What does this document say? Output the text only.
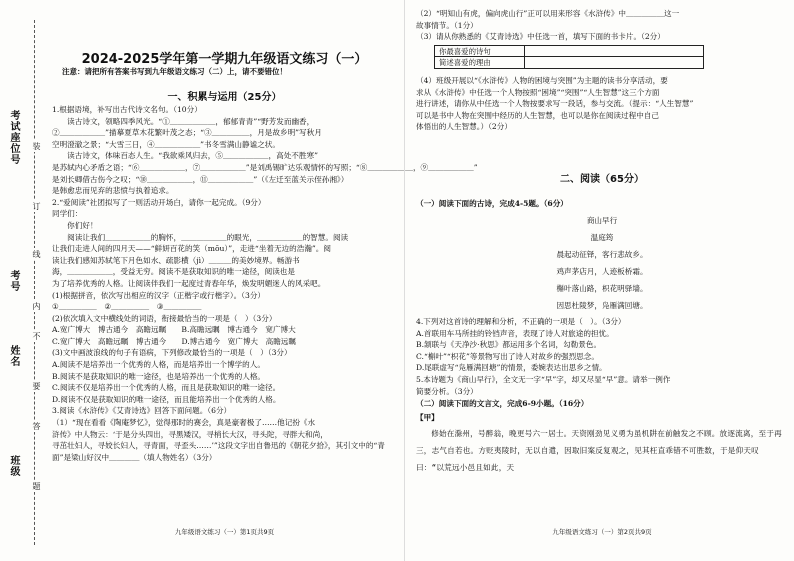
考试座位号
考号
姓名
班级
装
订
线
内
不
要
答
题
2024-2025学年第一学期九年级语文练习（一）
注意：请把所有答案书写到九年级语文练习（二）上，请不要错位！
一、积累与运用（25分）
1.根据语境，补写出古代诗文名句。（10分）
　　读古诗文，领略四季风光。“①＿＿＿＿＿＿，郁郁青青”“野芳发而幽香，
②＿＿＿＿＿＿”描摹夏草木花繁叶茂之态；“③＿＿＿＿＿，月是故乡明”写秋月
空明澄澈之景；“大雪三日，④＿＿＿＿＿＿”书冬雪满山静谧之状。
　　读古诗文，体味百态人生。“我欲乘风归去，⑤＿＿＿＿＿＿，高处不胜寒”
是苏轼内心矛盾之语；“⑥＿＿＿＿＿＿，⑦＿＿＿＿＿＿”是刘禹锡旷达乐观情怀的写照；“⑧＿＿＿＿＿＿，⑨＿＿＿＿＿＿”
是刘长卿借古伤今之叹；“⑩＿＿＿＿＿＿，⑪＿＿＿＿＿＿”（《左迁至蓝关示侄孙湘》）
是韩愈忠而见弃的悲愤与执着追求。
2.“爱阅读”社团拟写了一则活动开场白，请你一起完成。（9分）
同学们：
　　你们好！
　　阅读让我们＿＿＿＿＿＿的胸怀，＿＿＿＿＿＿的眼光，＿＿＿＿＿＿的智慧。阅读
让我们走进人间的四月天——“鲜妍百花的笑（mōu）”，走进“坐着无边的浩瀚”。阅
读让我们感知苏轼笔下月色如水、疏影横（jì）＿＿＿的美妙境界。畅游书
海，＿＿＿＿＿＿，受益无穷。阅读不是获取知识的唯一途径，阅读也是
为了培养优秀的人格。让阅读伴我们一起度过青春年华，焕发明媚迷人的风采吧。
(1)根据拼音，依次写出相应的汉字（正楷字或行楷字）。（3分）
①＿＿＿＿＿　②＿＿＿＿＿　③＿＿＿＿＿
(2)依次填入文中横线处的词语，衔接最恰当的一项是（　）（3分）
A.宽广博大　博古通今　高瞻远瞩　　B.高瞻远瞩　博古通今　宽广博大
C.宽广博大　高瞻远瞩　博古通今　　D.博古通今　宽广博大　高瞻远瞩
(3)文中画波浪线的句子有语病，下列修改最恰当的一项是（　）（3分）
A.阅读不是培养出一个优秀的人格，而是培养出一个博学的人。
B.阅读不是获取知识的唯一途径，也是培养出一个优秀的人格。
C.阅读不仅是培养出一个优秀的人格，而且是获取知识的唯一途径。
D.阅读不仅是获取知识的唯一途径，而且能培养出一个优秀的人格。
3.阅读《水浒传》《艾青诗选》回答下面问题。（6分）
（1）“现在看看《陶庵梦忆》，觉得那时的赛会，真是豪奢极了……他记扮《水
浒传》中人物云：‘于是分头四出，寻黑矮汉，寻梢长大汉，寻头陀，寻胖大和尚，
寻茁壮妇人，寻姣长妇人，寻青面，寻歪头……’”这段文字出自鲁迅的《朝花夕拾》，其引文中的“青
面”是梁山好汉中＿＿＿＿（填人物姓名）（3分）
九年级语文练习（一）第1页共9页
（2）“明知山有虎，偏向虎山行”正可以用来形容《水浒传》中＿＿＿＿＿这一
故事情节。（1分）
（3）请从你熟悉的《艾青诗选》中任选一首，填写下面的书卡片。（2分）
你最喜爱的诗句
简述喜爱的理由
（4）班级开展以“《水浒传》人物的困境与突围”为主题的读书分享活动，要
求从《水浒传》中任选一个人物按照“困境”“突围”“人生智慧”这三个方面
进行讲述，请你从中任选一个人物按要求写一段话，参与交流。（提示：“人生智慧”
可以是书中人物在突围中经历的人生智慧，也可以是你在阅读过程中自己
体悟出的人生智慧。）（2分）
二、阅读（65分）
（一）阅读下面的古诗，完成4-5题。（6分）
商山早行
温庭筠
晨起动征铎，客行悲故乡。
鸡声茅店月，人迹板桥霜。
槲叶落山路，枳花明驿墙。
因思杜陵梦，凫雁满回塘。
4.下列对这首诗的理解和分析，不正确的一项是（　）。（3分）
A.首联用车马所挂的铃铛声音，表现了诗人对旅途的担忧。
B.颔联与《天净沙·秋思》都运用多个名词，勾勒景色。
C.“槲叶”“枳花”等景物写出了诗人对故乡的强烈思念。
D.尾联虚写“凫雁满回塘”的情景，委婉表达出思乡之情。
5.本诗题为《商山早行》，全文无一字“早”字，却又尽显“早”意。请举一例作
简要分析。（3分）
（二）阅读下面的文言文，完成6-9小题。（16分）
【甲】
修始在滁州，号醉翁，晚更号六一居士。天资刚劲见义勇为虽机阱在前触发之不顾。放逐流离，至于再三，志气自若也。方贬夷陵时，无以自遣，因取旧案反复观之，见其枉直乖错不可胜数，于是仰天叹曰：“以荒远小邑且如此，天
九年级语文练习（一）第2页共9页
